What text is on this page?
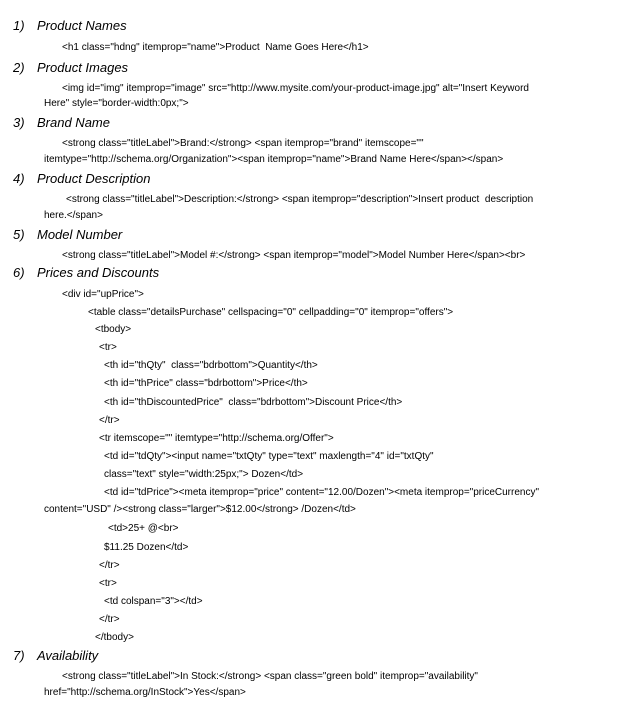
1) Product Names
<h1 class="hdng" itemprop="name">Product  Name Goes Here</h1>
2) Product Images
<img id="img" itemprop="image" src="http://www.mysite.com/your-product-image.jpg" alt="Insert Keyword
Here" style="border-width:0px;">
3) Brand Name
<strong class="titleLabel">Brand:</strong> <span itemprop="brand" itemscope=""
itemtype="http://schema.org/Organization"><span itemprop="name">Brand Name Here</span></span>
4) Product Description
<strong class="titleLabel">Description:</strong> <span itemprop="description">Insert product  description
here.</span>
5) Model Number
<strong class="titleLabel">Model #:</strong> <span itemprop="model">Model Number Here</span><br>
6) Prices and Discounts
<div id="upPrice">
<table class="detailsPurchase" cellspacing="0" cellpadding="0" itemprop="offers">
<tbody>
<tr>
<th id="thQty"  class="bdrbottom">Quantity</th>
<th id="thPrice" class="bdrbottom">Price</th>
<th id="thDiscountedPrice"  class="bdrbottom">Discount Price</th>
</tr>
<tr itemscope="" itemtype="http://schema.org/Offer">
<td id="tdQty"><input name="txtQty" type="text" maxlength="4" id="txtQty"
class="text" style="width:25px;"> Dozen</td>
<td id="tdPrice"><meta itemprop="price" content="12.00/Dozen"><meta itemprop="priceCurrency"
content="USD" /><strong class="larger">$12.00</strong> /Dozen</td>
<td>25+ @<br>
$11.25 Dozen</td>
</tr>
<tr>
<td colspan="3"></td>
</tr>
</tbody>
7) Availability
<strong class="titleLabel">In Stock:</strong> <span class="green bold" itemprop="availability"
href="http://schema.org/InStock">Yes</span>
